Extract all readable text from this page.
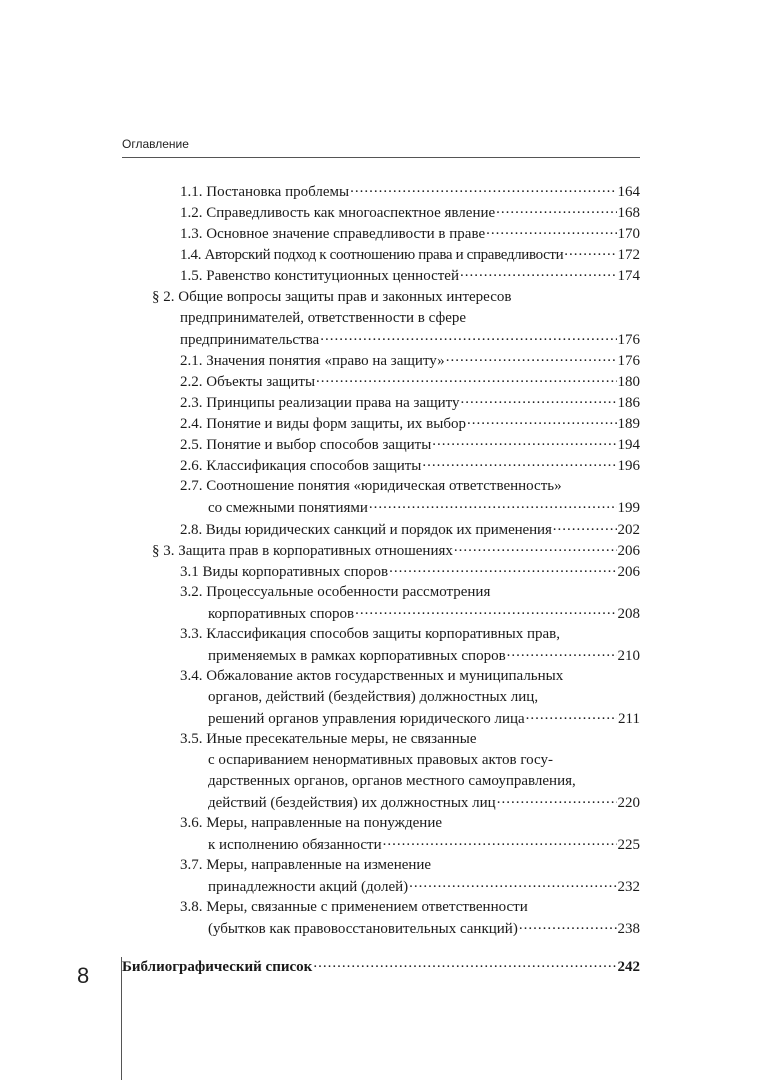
Оглавление
1.1. Постановка проблемы .....	164
1.2. Справедливость как многоаспектное явление .....	168
1.3. Основное значение справедливости в праве .....	170
1.4. Авторский подход к соотношению права и справедливости .....	172
1.5. Равенство конституционных ценностей .....	174
§ 2. Общие вопросы защиты прав и законных интересов
предпринимателей, ответственности в сфере
предпринимательства .....	176
2.1. Значения понятия «право на защиту» .....	176
2.2. Объекты защиты .....	180
2.3. Принципы реализации права на защиту .....	186
2.4. Понятие и виды форм защиты, их выбор .....	189
2.5. Понятие и выбор способов защиты .....	194
2.6. Классификация способов защиты .....	196
2.7. Соотношение понятия «юридическая ответственность»
со смежными понятиями .....	199
2.8. Виды юридических санкций и порядок их применения .....	202
§ 3. Защита прав в корпоративных отношениях .....	206
3.1 Виды корпоративных споров .....	206
3.2. Процессуальные особенности рассмотрения
корпоративных споров .....	208
3.3. Классификация способов защиты корпоративных прав,
применяемых в рамках корпоративных споров .....	210
3.4. Обжалование актов государственных и муниципальных
органов, действий (бездействия) должностных лиц,
решений органов управления юридического лица .....	211
3.5. Иные пресекательные меры, не связанные
с оспариванием ненормативных правовых актов госу-
дарственных органов, органов местного самоуправления,
действий (бездействия) их должностных лиц .....	220
3.6. Меры, направленные на понуждение
к исполнению обязанности .....	225
3.7. Меры, направленные на изменение
принадлежности акций (долей) .....	232
3.8. Меры, связанные с применением ответственности
(убытков как правовосстановительных санкций) .....	238
Библиографический список .....	242
8
